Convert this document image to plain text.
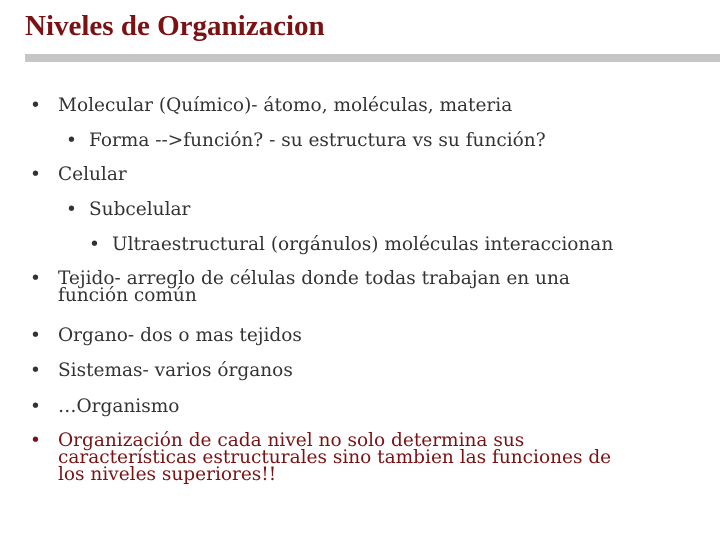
Niveles de Organizacion
• Molecular (Químico)- átomo, moléculas, materia
• Forma -->función? - su estructura vs su función?
• Celular
• Subcelular
• Ultraestructural (orgánulos) moléculas interaccionan
• Tejido- arreglo de células donde todas trabajan en una
función común
• Organo- dos o mas tejidos
• Sistemas- varios órganos
• …Organismo
• Organización de cada nivel no solo determina sus
características estructurales sino tambien las funciones de
los niveles superiores!!
